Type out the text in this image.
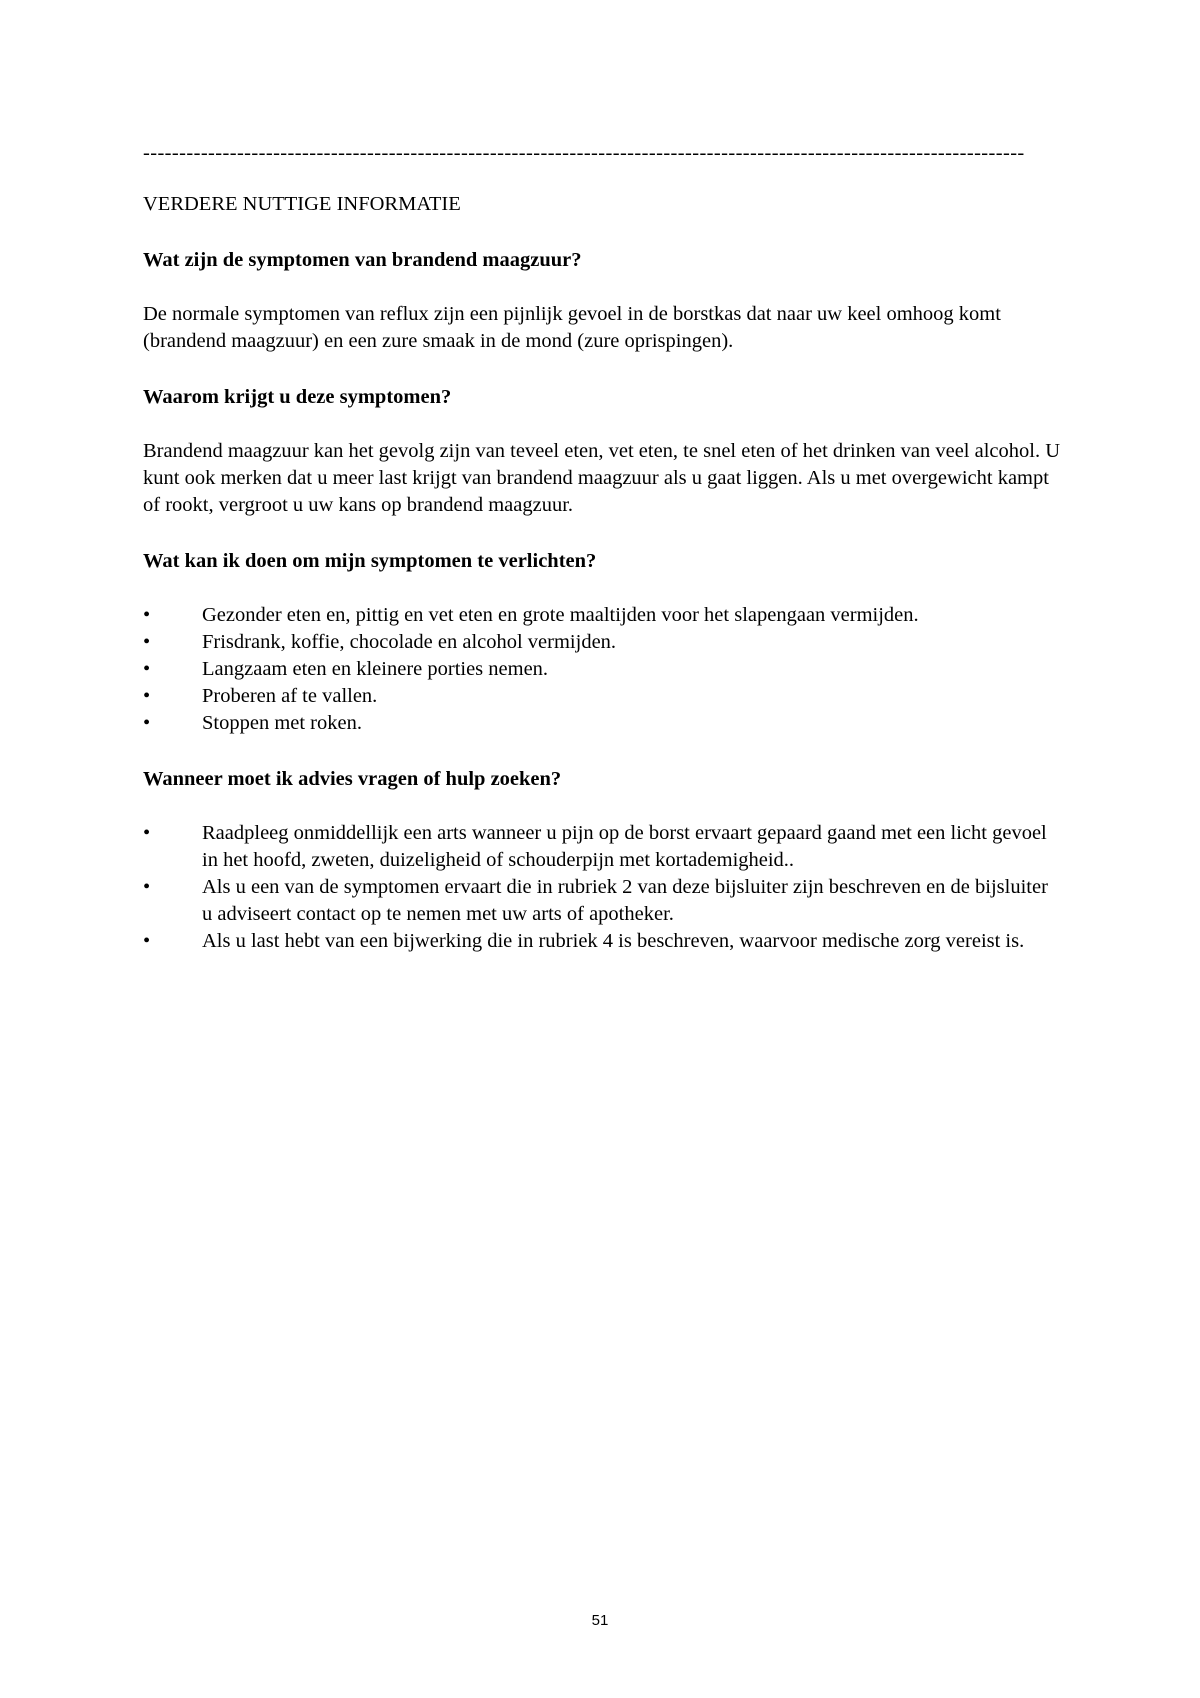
--------------------------------------------------------------------------------------------------------------------------
VERDERE NUTTIGE INFORMATIE
Wat zijn de symptomen van brandend maagzuur?
De normale symptomen van reflux zijn een pijnlijk gevoel in de borstkas dat naar uw keel omhoog komt (brandend maagzuur) en een zure smaak in de mond (zure oprispingen).
Waarom krijgt u deze symptomen?
Brandend maagzuur kan het gevolg zijn van teveel eten, vet eten, te snel eten of het drinken van veel alcohol. U kunt ook merken dat u meer last krijgt van brandend maagzuur als u gaat liggen. Als u met overgewicht kampt of rookt, vergroot u uw kans op brandend maagzuur.
Wat kan ik doen om mijn symptomen te verlichten?
•	Gezonder eten en, pittig en vet eten en grote maaltijden voor het slapengaan vermijden.
•	Frisdrank, koffie, chocolade en alcohol vermijden.
•	Langzaam eten en kleinere porties nemen.
•	Proberen af te vallen.
•	Stoppen met roken.
Wanneer moet ik advies vragen of hulp zoeken?
•	Raadpleeg onmiddellijk een arts wanneer u pijn op de borst ervaart gepaard gaand met een licht gevoel in het hoofd, zweten, duizeligheid of schouderpijn met kortademigheid..
•	Als u een van de symptomen ervaart die in rubriek 2 van deze bijsluiter zijn beschreven en de bijsluiter u adviseert contact op te nemen met uw arts of apotheker.
•	Als u last hebt van een bijwerking die in rubriek 4 is beschreven, waarvoor medische zorg vereist is.
51
